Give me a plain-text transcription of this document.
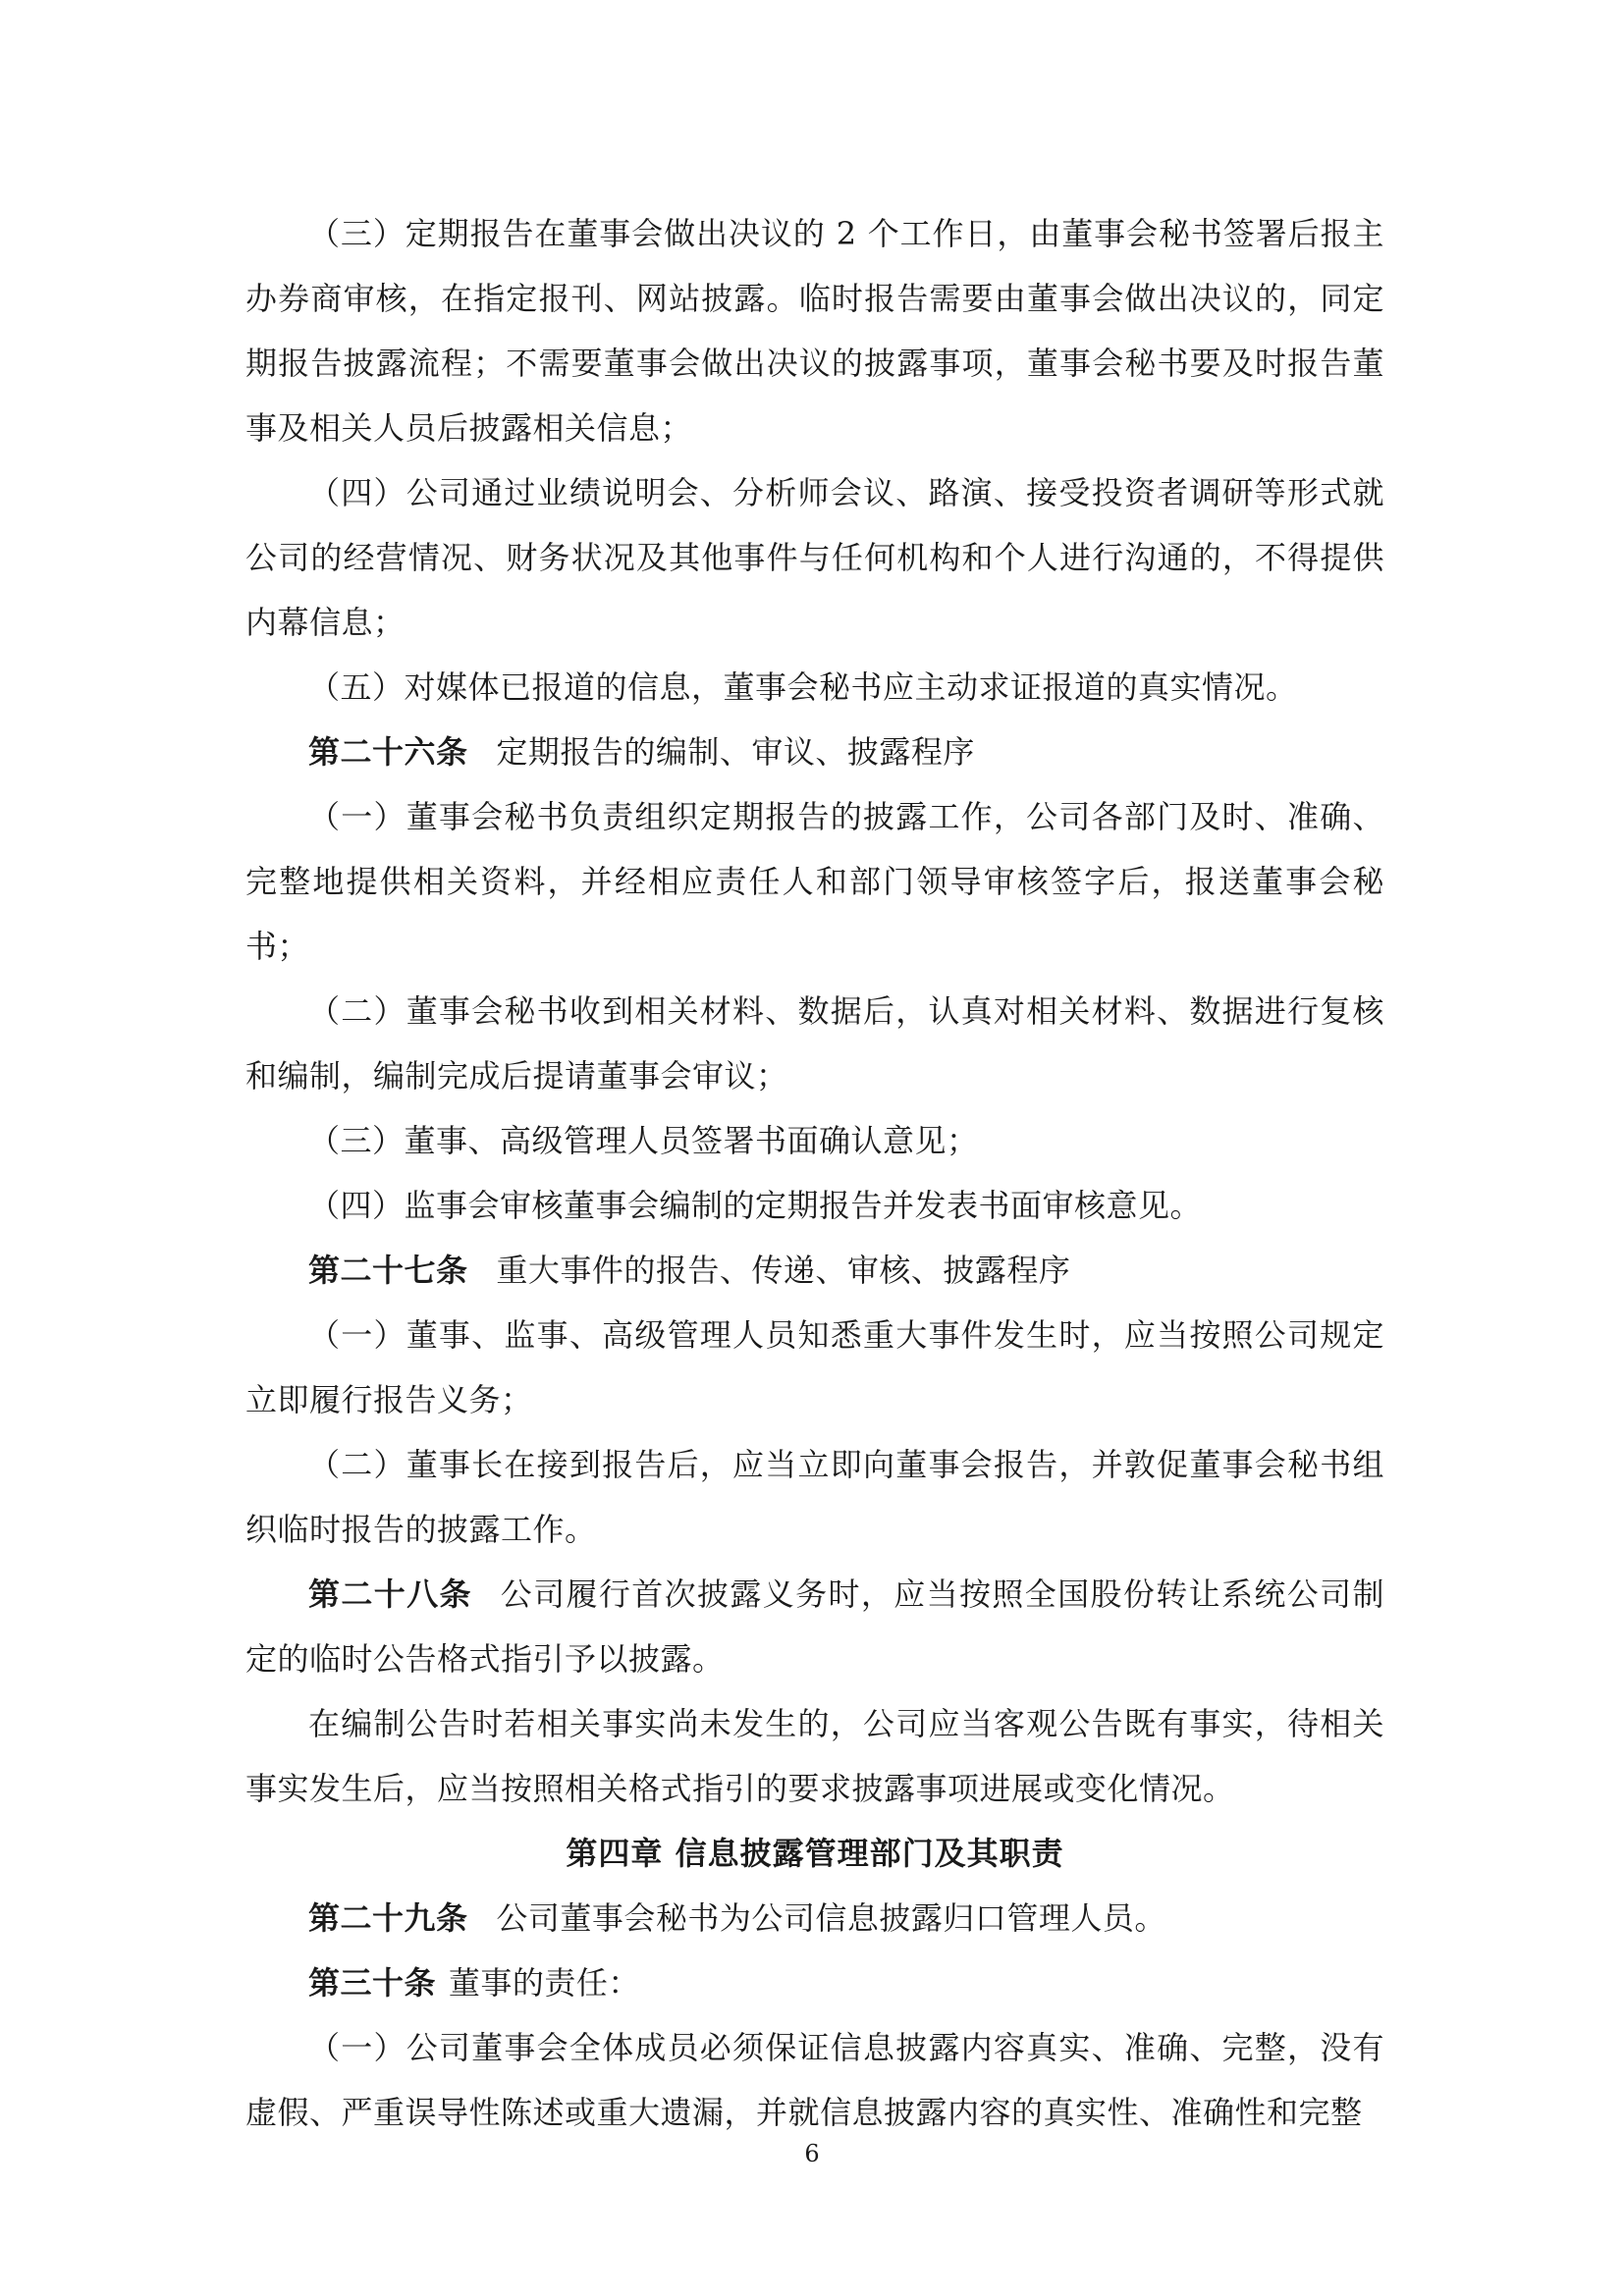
（三）定期报告在董事会做出决议的 2 个工作日，由董事会秘书签署后报主办券商审核，在指定报刊、网站披露。临时报告需要由董事会做出决议的，同定期报告披露流程；不需要董事会做出决议的披露事项，董事会秘书要及时报告董事及相关人员后披露相关信息；

（四）公司通过业绩说明会、分析师会议、路演、接受投资者调研等形式就公司的经营情况、财务状况及其他事件与任何机构和个人进行沟通的，不得提供内幕信息；

（五）对媒体已报道的信息，董事会秘书应主动求证报道的真实情况。

第二十六条 定期报告的编制、审议、披露程序

（一）董事会秘书负责组织定期报告的披露工作，公司各部门及时、准确、完整地提供相关资料，并经相应责任人和部门领导审核签字后，报送董事会秘书；

（二）董事会秘书收到相关材料、数据后，认真对相关材料、数据进行复核和编制，编制完成后提请董事会审议；

（三）董事、高级管理人员签署书面确认意见；

（四）监事会审核董事会编制的定期报告并发表书面审核意见。

第二十七条 重大事件的报告、传递、审核、披露程序

（一）董事、监事、高级管理人员知悉重大事件发生时，应当按照公司规定立即履行报告义务；

（二）董事长在接到报告后，应当立即向董事会报告，并敦促董事会秘书组织临时报告的披露工作。

第二十八条 公司履行首次披露义务时，应当按照全国股份转让系统公司制定的临时公告格式指引予以披露。

在编制公告时若相关事实尚未发生的，公司应当客观公告既有事实，待相关事实发生后，应当按照相关格式指引的要求披露事项进展或变化情况。

第四章 信息披露管理部门及其职责

第二十九条 公司董事会秘书为公司信息披露归口管理人员。

第三十条 董事的责任：

（一）公司董事会全体成员必须保证信息披露内容真实、准确、完整，没有虚假、严重误导性陈述或重大遗漏，并就信息披露内容的真实性、准确性和完整

6
